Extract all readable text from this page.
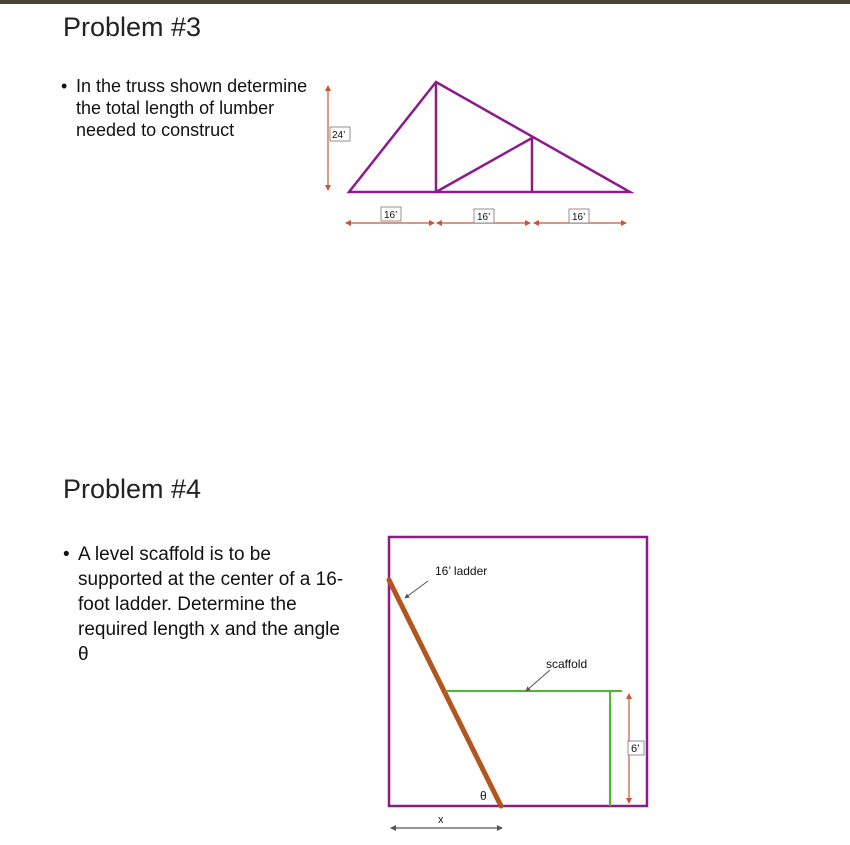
Problem #3
• In the truss shown determine
the total length of lumber
needed to construct	24’
16’	16’	16’
16’ ladder
scaffold
6’
θ
x
Problem #4
• A level scaffold is to be
supported at the center of a 16-
foot ladder. Determine the
required length x and the angle
θ
